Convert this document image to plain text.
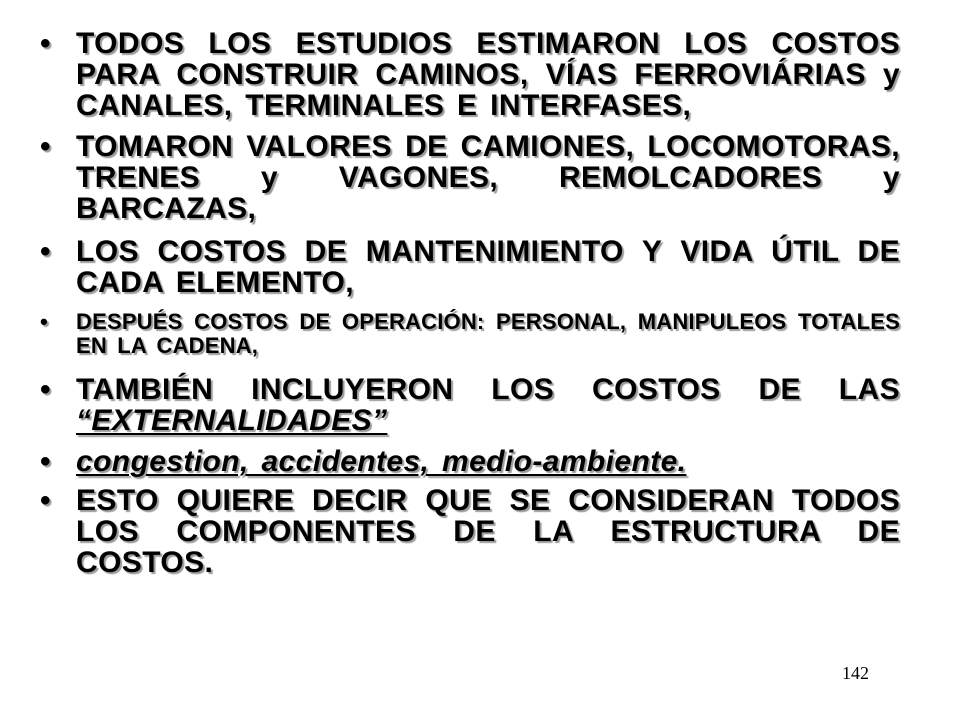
• TODOS LOS ESTUDIOS ESTIMARON LOS COSTOS PARA CONSTRUIR CAMINOS, VÍAS FERROVIÁRIAS y CANALES, TERMINALES E INTERFASES,
• TOMARON VALORES DE CAMIONES, LOCOMOTORAS, TRENES y VAGONES, REMOLCADORES y BARCAZAS,
• LOS COSTOS DE MANTENIMIENTO Y VIDA ÚTIL DE CADA ELEMENTO,
• DESPUÉS COSTOS DE OPERACIÓN: PERSONAL, MANIPULEOS TOTALES EN LA CADENA,
• TAMBIÉN INCLUYERON LOS COSTOS DE LAS “EXTERNALIDADES”
• congestion, accidentes, medio-ambiente.
• ESTO QUIERE DECIR QUE SE CONSIDERAN TODOS LOS COMPONENTES DE LA ESTRUCTURA DE COSTOS.
142
